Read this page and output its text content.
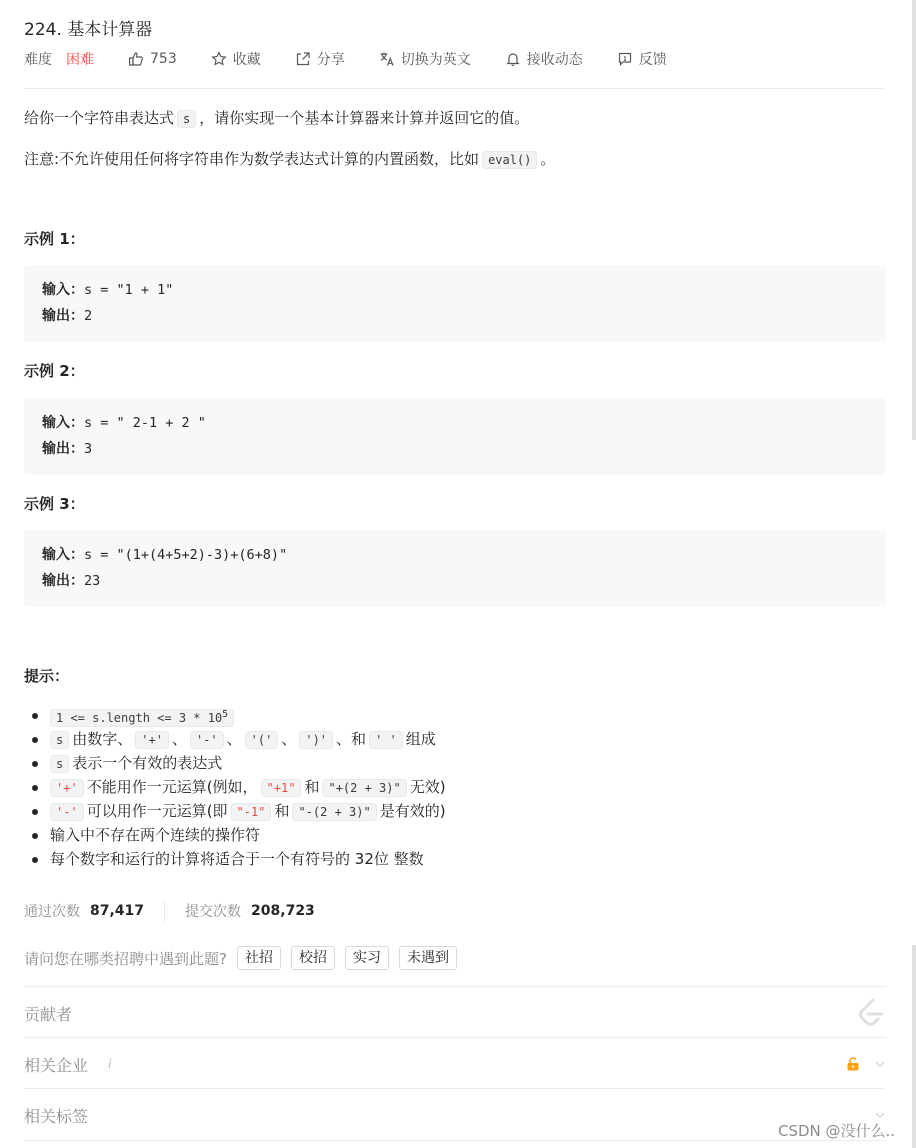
224. 基本计算器
难度 困难	753	收藏	分享	切换为英文	接收动态	反馈

给你一个字符串表达式 s ，请你实现一个基本计算器来计算并返回它的值。

注意:不允许使用任何将字符串作为数学表达式计算的内置函数，比如 eval() 。

示例 1：

输入：s = "1 + 1"
输出：2

示例 2：

输入：s = " 2-1 + 2 "
输出：3

示例 3：

输入：s = "(1+(4+5+2)-3)+(6+8)"
输出：23

提示：

1 <= s.length <= $3 * 10^5$
s 由数字、 '+' 、 '-' 、 '(' 、 ')' 、和 ' ' 组成
s 表示一个有效的表达式
'+' 不能用作一元运算(例如， "+1" 和 "+(2 + 3)" 无效)
'-' 可以用作一元运算(即 "-1" 和 "-(2 + 3)" 是有效的)
输入中不存在两个连续的操作符
每个数字和运行的计算将适合于一个有符号的 32位 整数
通过次数 87,417	提交次数 208,723
请问您在哪类招聘中遇到此题?	社招	校招	实习	未遇到
贡献者
相关企业 i
相关标签
CSDN @没什么..
